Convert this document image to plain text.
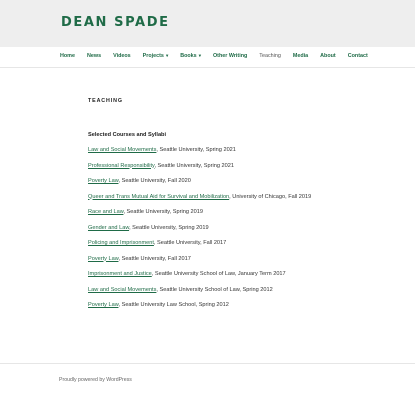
DEAN SPADE
Home News Videos Projects ▾ Books ▾ Other Writing Teaching Media About Contact
TEACHING
Selected Courses and Syllabi
Law and Social Movements, Seattle University, Spring 2021
Professional Responsibility, Seattle University, Spring 2021
Poverty Law, Seattle University, Fall 2020
Queer and Trans Mutual Aid for Survival and Mobilization, University of Chicago, Fall 2019
Race and Law, Seattle University, Spring 2019
Gender and Law, Seattle University, Spring 2019
Policing and Imprisonment, Seattle University, Fall 2017
Poverty Law, Seattle University, Fall 2017
Imprisonment and Justice, Seattle University School of Law, January Term 2017
Law and Social Movements, Seattle University School of Law, Spring 2012
Poverty Law, Seattle University Law School, Spring 2012
Proudly powered by WordPress
